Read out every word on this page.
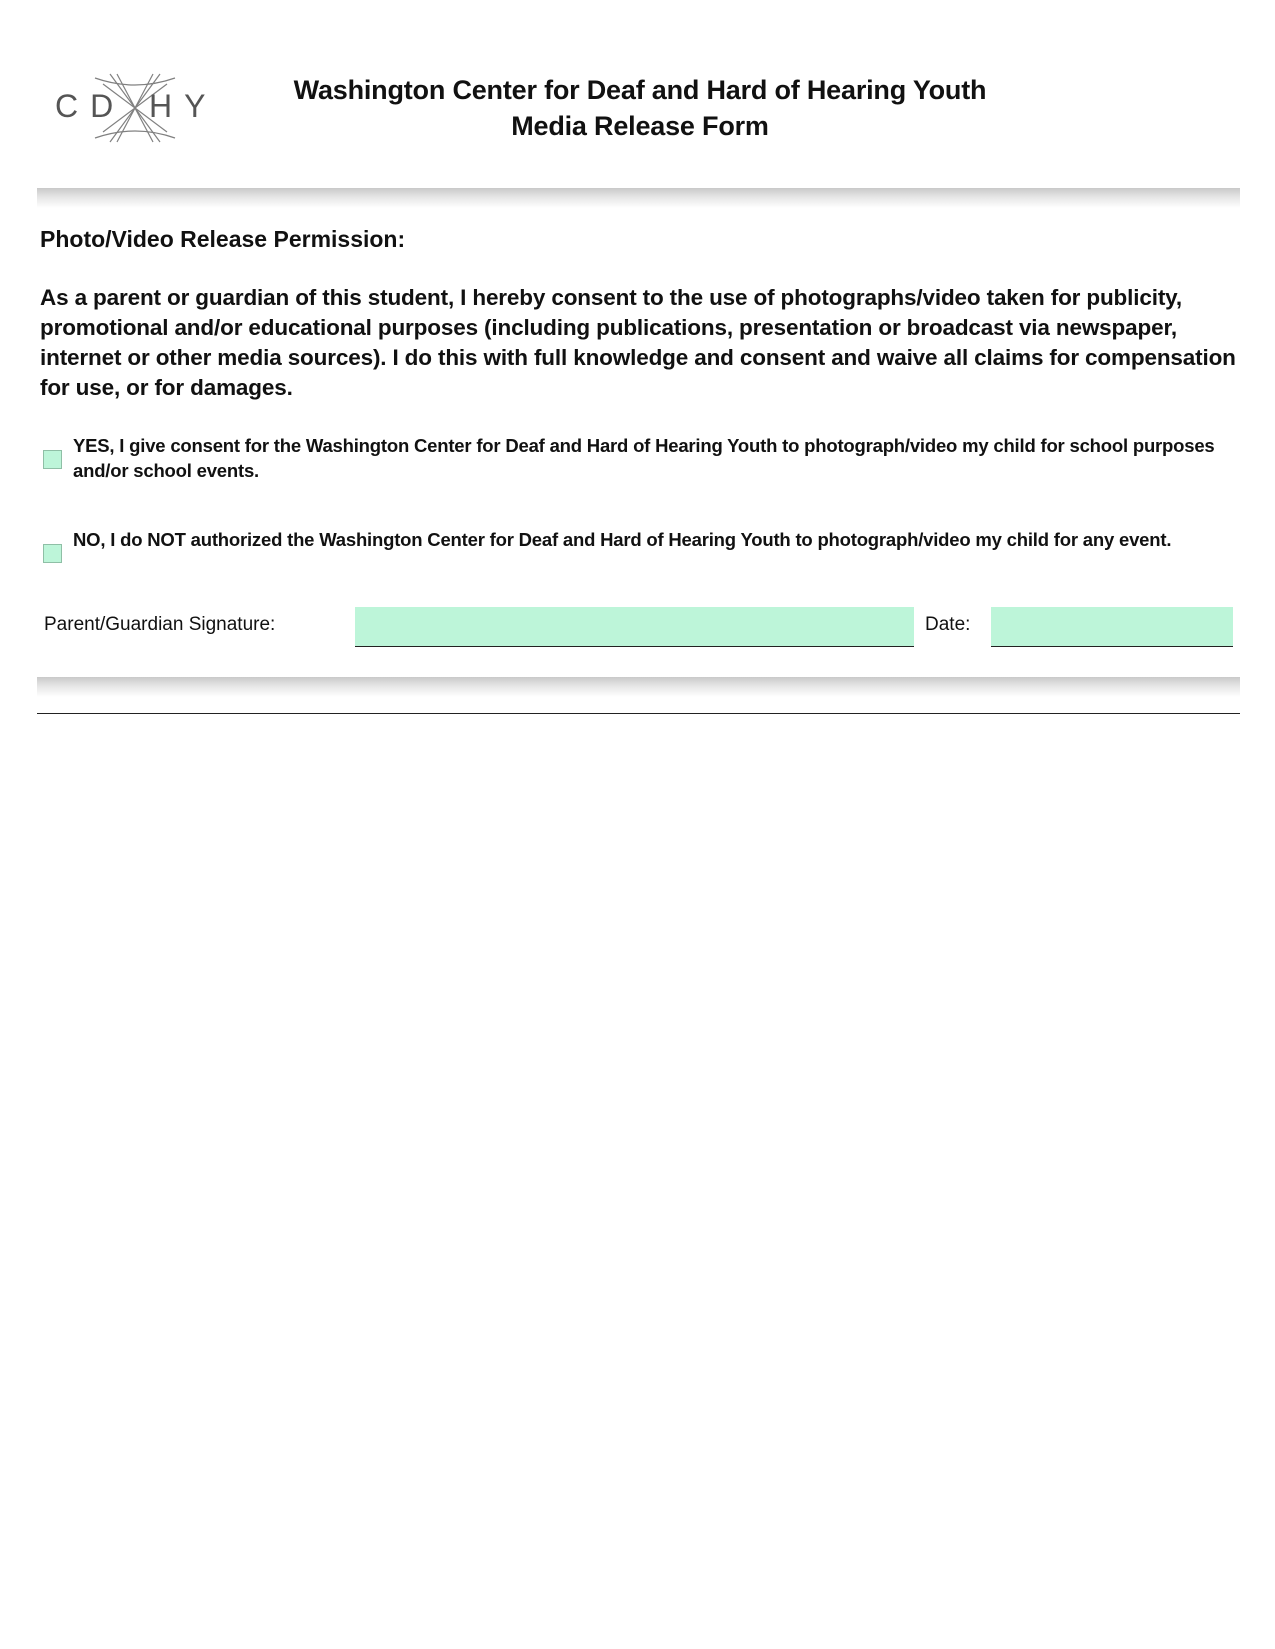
CD HY	Washington Center for Deaf and Hard of Hearing Youth
Media Release Form
Photo/Video Release Permission:
As a parent or guardian of this student, I hereby consent to the use of photographs/video taken for publicity, promotional and/or educational purposes (including publications, presentation or broadcast via newspaper, internet or other media sources). I do this with full knowledge and consent and waive all claims for compensation for use, or for damages.
YES, I give consent for the Washington Center for Deaf and Hard of Hearing Youth to photograph/video my child for school purposes and/or school events.
NO, I do NOT authorized the Washington Center for Deaf and Hard of Hearing Youth to photograph/video my child for any event.
Parent/Guardian Signature:	Date:
